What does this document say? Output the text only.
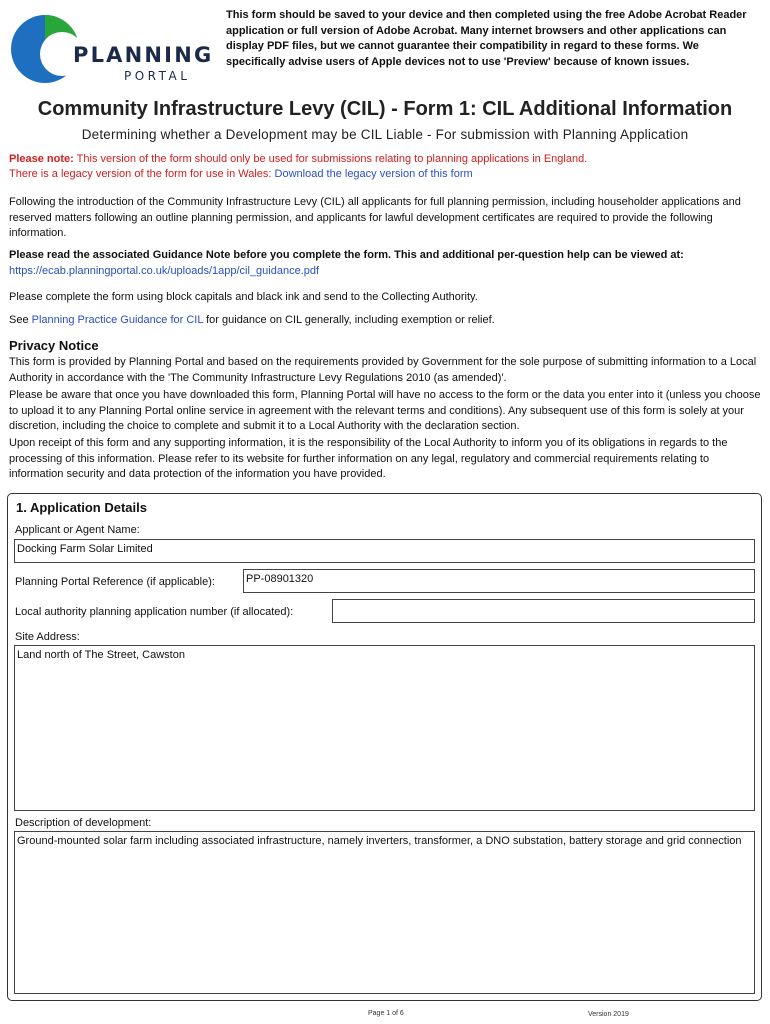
PLANNING
PORTAL
This form should be saved to your device and then completed using the free Adobe Acrobat Reader application or full version of Adobe Acrobat. Many internet browsers and other applications can display PDF files, but we cannot guarantee their compatibility in regard to these forms. We specifically advise users of Apple devices not to use 'Preview' because of known issues.
Community Infrastructure Levy (CIL) - Form 1: CIL Additional Information
Determining whether a Development may be CIL Liable - For submission with Planning Application
Please note: This version of the form should only be used for submissions relating to planning applications in England.
There is a legacy version of the form for use in Wales: Download the legacy version of this form
Following the introduction of the Community Infrastructure Levy (CIL) all applicants for full planning permission, including householder applications and reserved matters following an outline planning permission, and applicants for lawful development certificates are required to provide the following information.
Please read the associated Guidance Note before you complete the form. This and additional per-question help can be viewed at:
https://ecab.planningportal.co.uk/uploads/1app/cil_guidance.pdf
Please complete the form using block capitals and black ink and send to the Collecting Authority.
See Planning Practice Guidance for CIL for guidance on CIL generally, including exemption or relief.
Privacy Notice
This form is provided by Planning Portal and based on the requirements provided by Government for the sole purpose of submitting information to a Local Authority in accordance with the 'The Community Infrastructure Levy Regulations 2010 (as amended)'.
Please be aware that once you have downloaded this form, Planning Portal will have no access to the form or the data you enter into it (unless you choose to upload it to any Planning Portal online service in agreement with the relevant terms and conditions). Any subsequent use of this form is solely at your discretion, including the choice to complete and submit it to a Local Authority with the declaration section.
Upon receipt of this form and any supporting information, it is the responsibility of the Local Authority to inform you of its obligations in regards to the processing of this information. Please refer to its website for further information on any legal, regulatory and commercial requirements relating to information security and data protection of the information you have provided.
1. Application Details
Applicant or Agent Name:
Docking Farm Solar Limited
Planning Portal Reference (if applicable):	PP-08901320
Local authority planning application number (if allocated):
Site Address:
Land north of The Street, Cawston
Description of development:
Ground-mounted solar farm including associated infrastructure, namely inverters, transformer, a DNO substation, battery storage and grid connection
Page 1 of 6	Version 2019
